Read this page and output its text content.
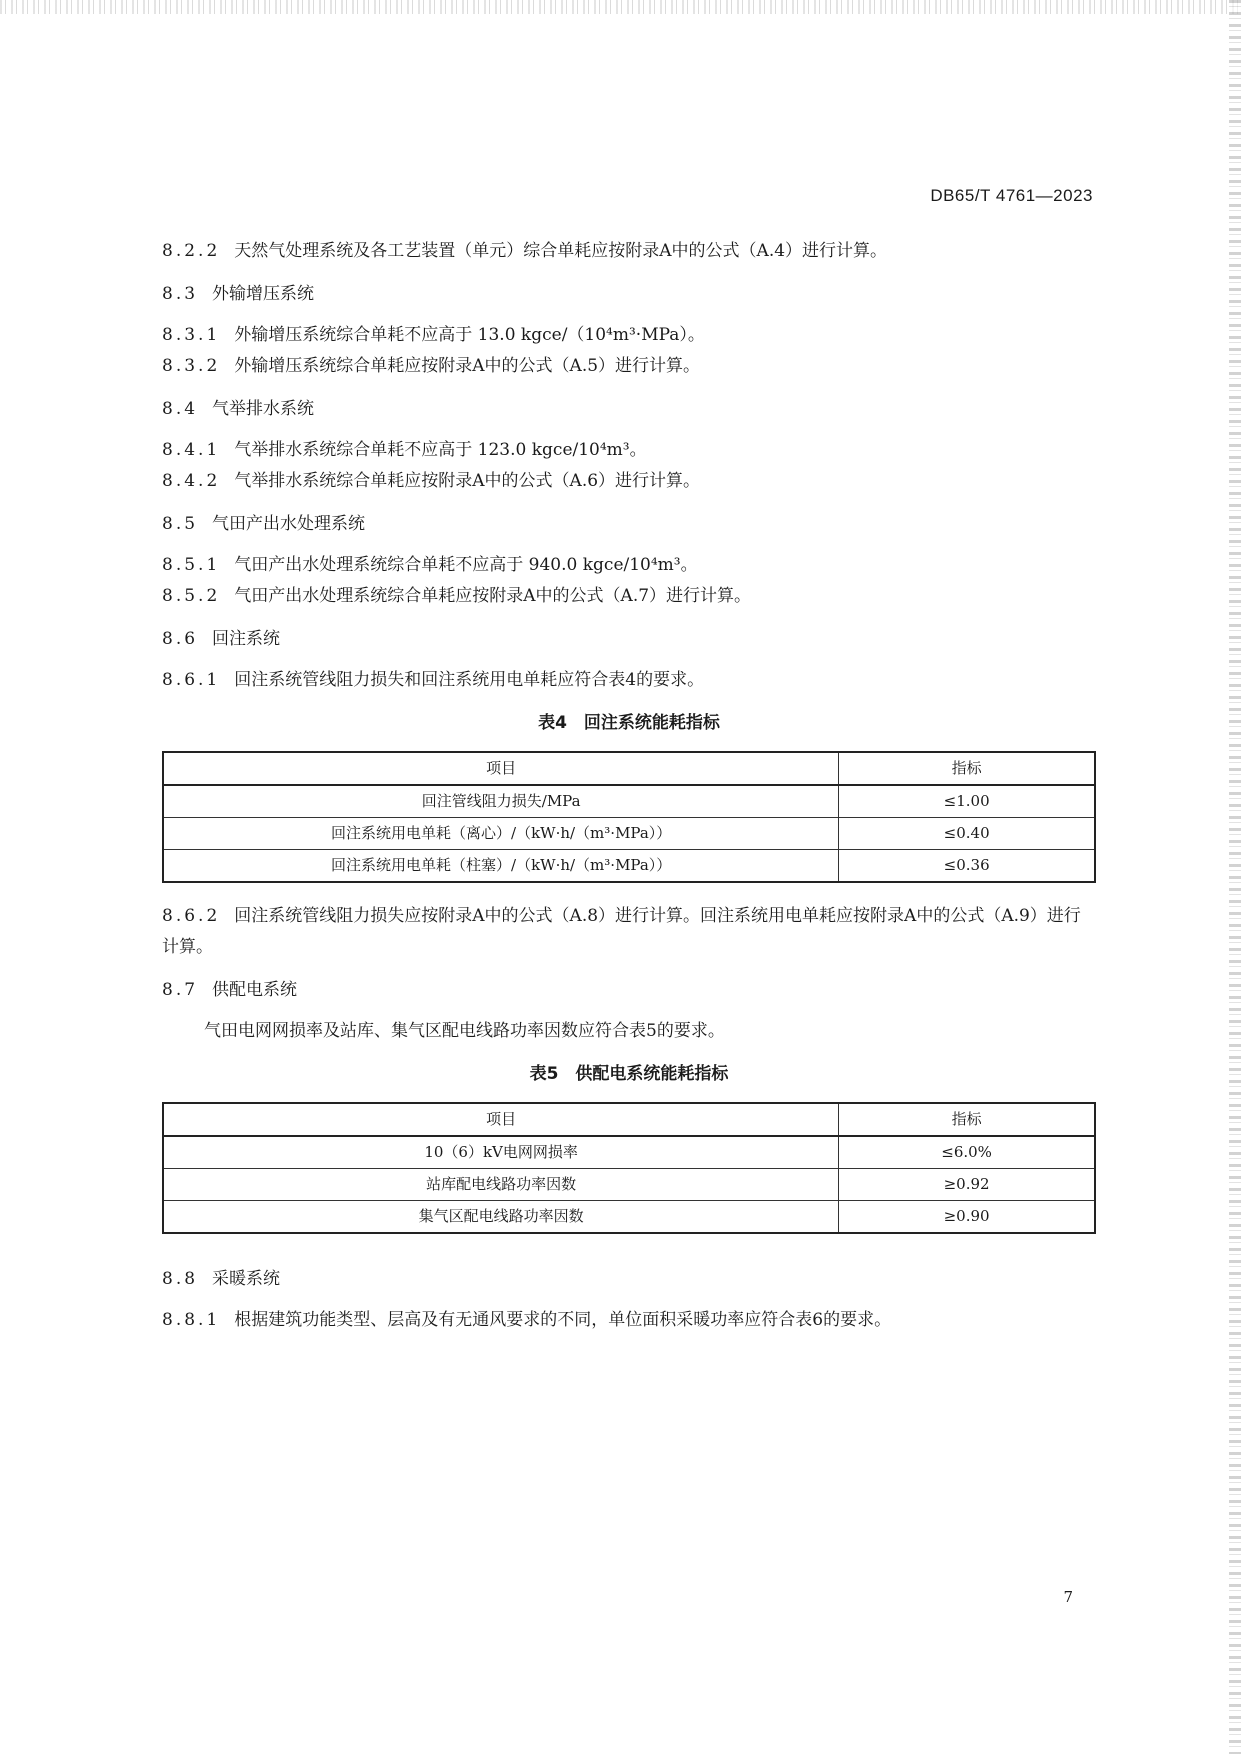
DB65/T 4761—2023

8.2.2 天然气处理系统及各工艺装置（单元）综合单耗应按附录A中的公式（A.4）进行计算。

8.3 外输增压系统

8.3.1 外输增压系统综合单耗不应高于 13.0 kgce/（10⁴m³·MPa）。

8.3.2 外输增压系统综合单耗应按附录A中的公式（A.5）进行计算。

8.4 气举排水系统

8.4.1 气举排水系统综合单耗不应高于 123.0 kgce/10⁴m³。

8.4.2 气举排水系统综合单耗应按附录A中的公式（A.6）进行计算。

8.5 气田产出水处理系统

8.5.1 气田产出水处理系统综合单耗不应高于 940.0 kgce/10⁴m³。

8.5.2 气田产出水处理系统综合单耗应按附录A中的公式（A.7）进行计算。

8.6 回注系统

8.6.1 回注系统管线阻力损失和回注系统用电单耗应符合表4的要求。

表4　回注系统能耗指标
项目	指标
回注管线阻力损失/MPa	≤1.00
回注系统用电单耗（离心）/（kW·h/（m³·MPa））	≤0.40
回注系统用电单耗（柱塞）/（kW·h/（m³·MPa））	≤0.36

8.6.2 回注系统管线阻力损失应按附录A中的公式（A.8）进行计算。回注系统用电单耗应按附录A中的公式（A.9）进行计算。

8.7 供配电系统

气田电网网损率及站库、集气区配电线路功率因数应符合表5的要求。

表5　供配电系统能耗指标
项目	指标
10（6）kV电网网损率	≤6.0%
站库配电线路功率因数	≥0.92
集气区配电线路功率因数	≥0.90

8.8 采暖系统

8.8.1 根据建筑功能类型、层高及有无通风要求的不同，单位面积采暖功率应符合表6的要求。

7
